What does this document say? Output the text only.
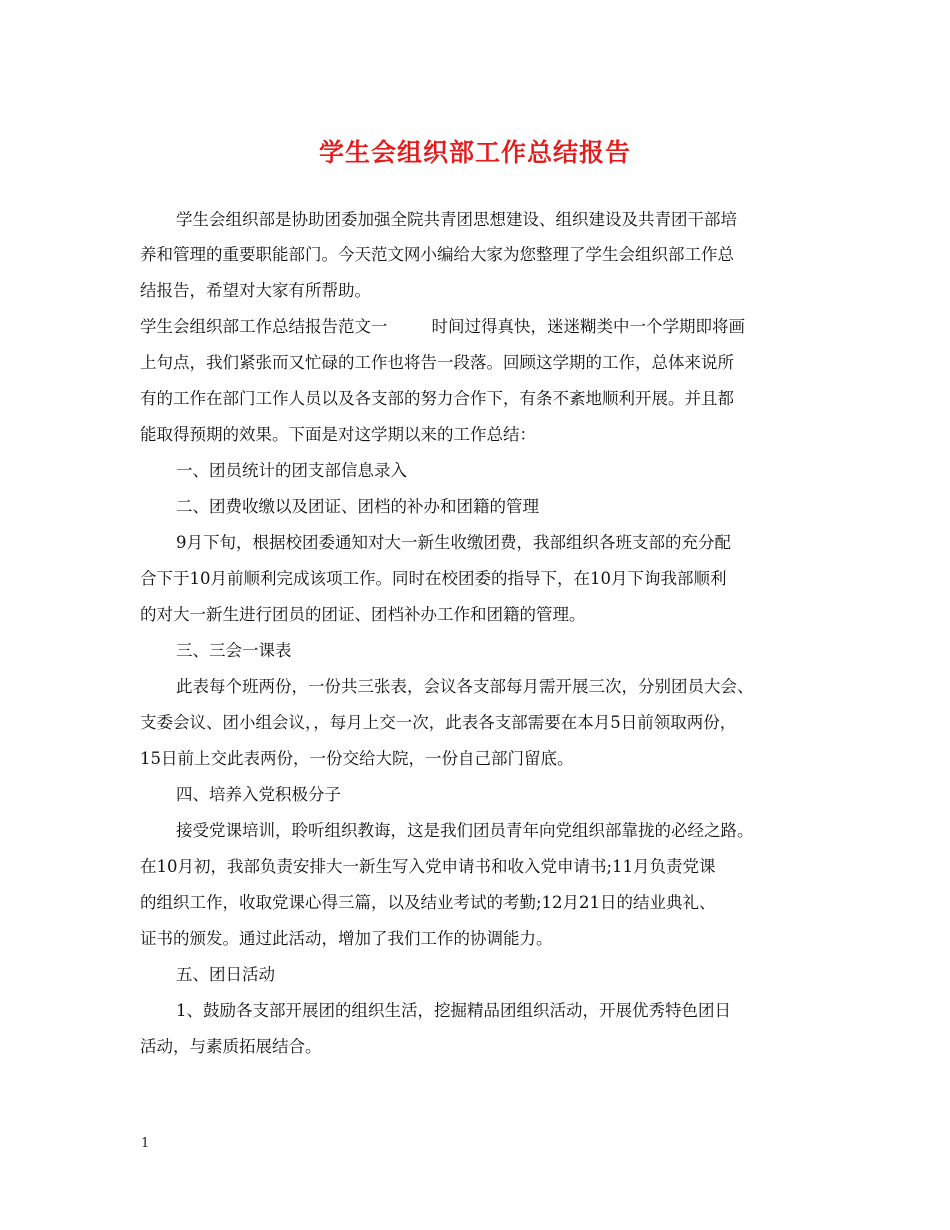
学生会组织部工作总结报告
学生会组织部是协助团委加强全院共青团思想建设、组织建设及共青团干部培
养和管理的重要职能部门。今天范文网小编给大家为您整理了学生会组织部工作总
结报告，希望对大家有所帮助。
学生会组织部工作总结报告范文一	时间过得真快，迷迷糊类中一个学期即将画
上句点，我们紧张而又忙碌的工作也将告一段落。回顾这学期的工作，总体来说所
有的工作在部门工作人员以及各支部的努力合作下，有条不紊地顺利开展。并且都
能取得预期的效果。下面是对这学期以来的工作总结：
一、团员统计的团支部信息录入
二、团费收缴以及团证、团档的补办和团籍的管理
9月下旬，根据校团委通知对大一新生收缴团费，我部组织各班支部的充分配
合下于10月前顺利完成该项工作。同时在校团委的指导下，在10月下询我部顺利
的对大一新生进行团员的团证、团档补办工作和团籍的管理。
三、三会一课表
此表每个班两份，一份共三张表，会议各支部每月需开展三次，分别团员大会、
支委会议、团小组会议，，每月上交一次，此表各支部需要在本月5日前领取两份，
15日前上交此表两份，一份交给大院，一份自己部门留底。
四、培养入党积极分子
接受党课培训，聆听组织教诲，这是我们团员青年向党组织部靠拢的必经之路。
在10月初，我部负责安排大一新生写入党申请书和收入党申请书;11月负责党课
的组织工作，收取党课心得三篇，以及结业考试的考勤;12月21日的结业典礼、
证书的颁发。通过此活动，增加了我们工作的协调能力。
五、团日活动
1、鼓励各支部开展团的组织生活，挖掘精品团组织活动，开展优秀特色团日
活动，与素质拓展结合。
1
